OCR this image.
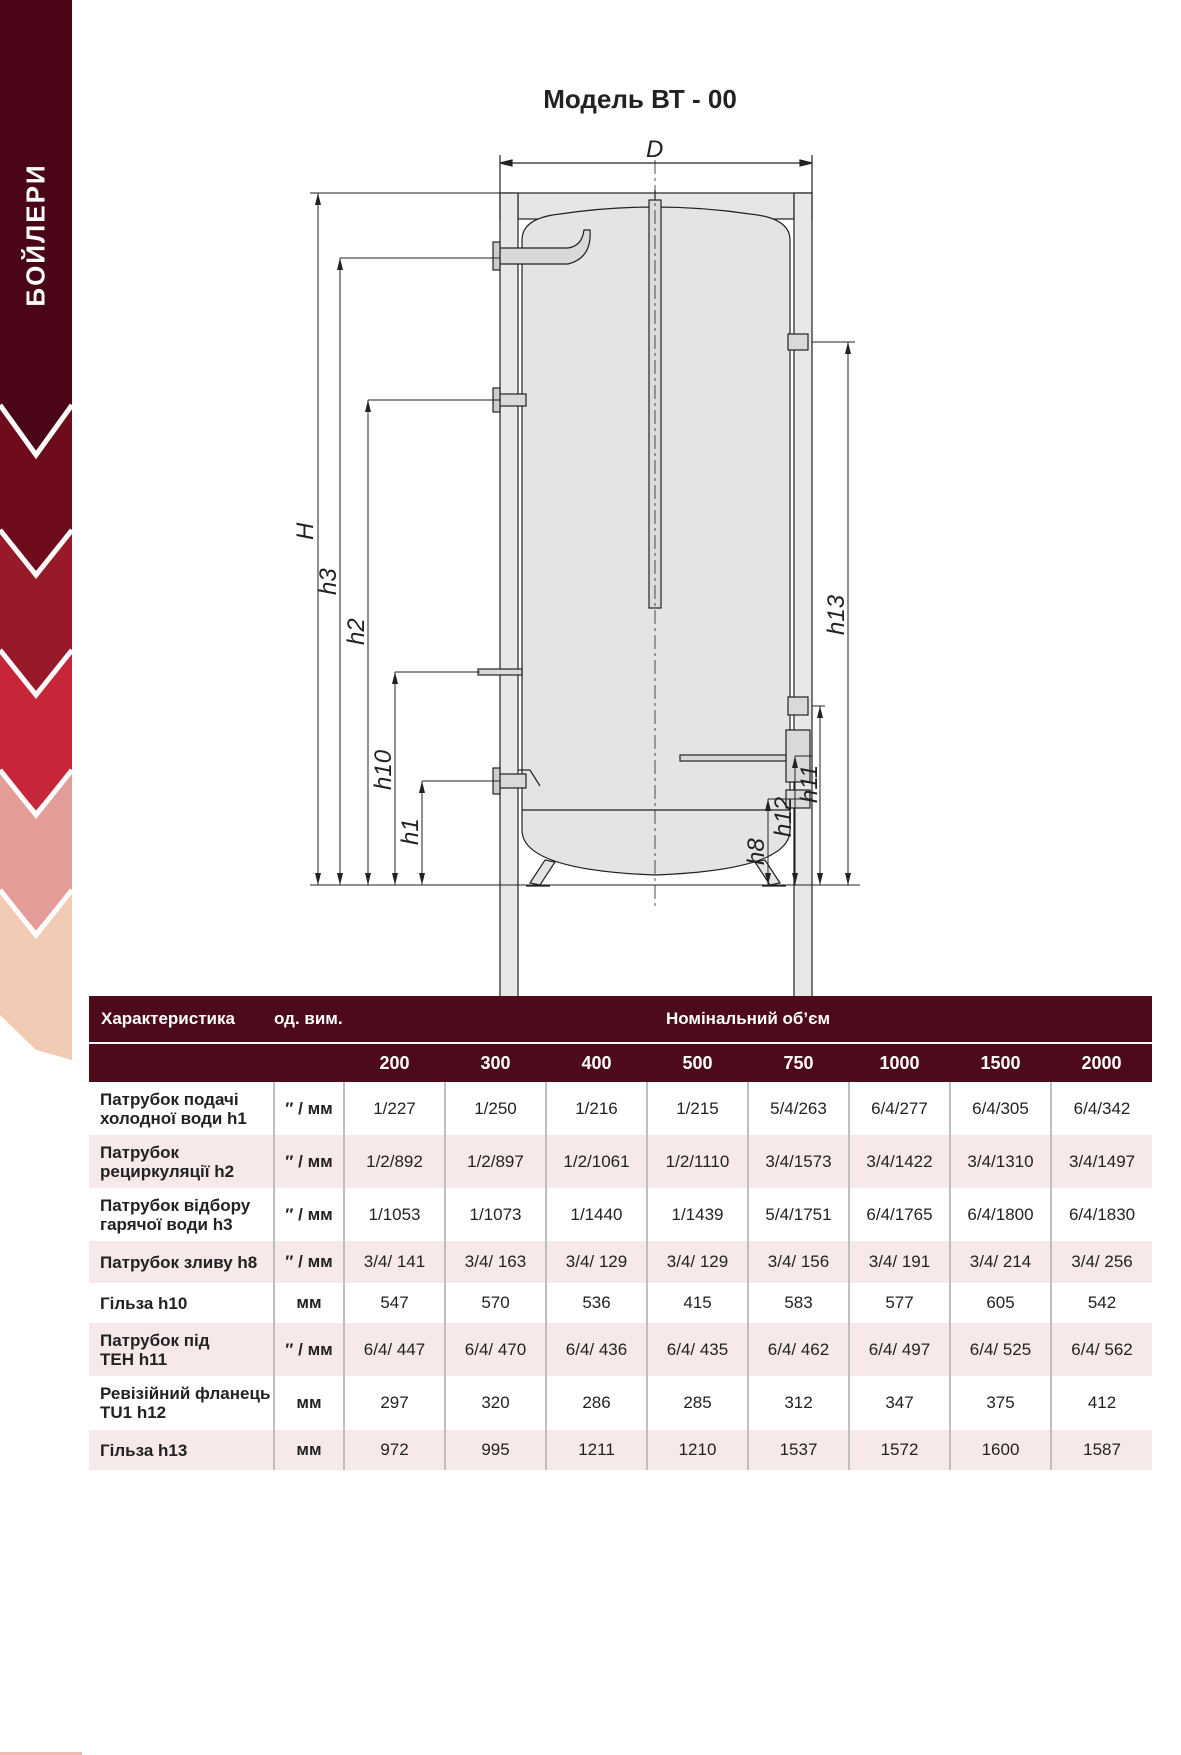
БОЙЛЕРИ
Модель ВТ - 00
D
H
h3
h2
h10
h1
h13
h11
h12
h8
Характеристика	од. вим.	Номінальний об’єм							
		200	300	400	500	750	1000	1500	2000

Патрубок подачі
холодної води h1	″ / мм	1/227	1/250	1/216	1/215	5/4/263	6/4/277	6/4/305	6/4/342

Патрубок
рециркуляції h2	″ / мм	1/2/892	1/2/897	1/2/1061	1/2/1110	3/4/1573	3/4/1422	3/4/1310	3/4/1497

Патрубок відбору
гарячої води h3	″ / мм	1/1053	1/1073	1/1440	1/1439	5/4/1751	6/4/1765	6/4/1800	6/4/1830

Патрубок зливу h8	″ / мм	3/4/ 141	3/4/ 163	3/4/ 129	3/4/ 129	3/4/ 156	3/4/ 191	3/4/ 214	3/4/ 256

Гільза h10	мм	547	570	536	415	583	577	605	542

Патрубок під
ТЕН h11	″ / мм	6/4/ 447	6/4/ 470	6/4/ 436	6/4/ 435	6/4/ 462	6/4/ 497	6/4/ 525	6/4/ 562

Ревізійний фланець
TU1 h12	мм	297	320	286	285	312	347	375	412

Гільза h13	мм	972	995	1211	1210	1537	1572	1600	1587
